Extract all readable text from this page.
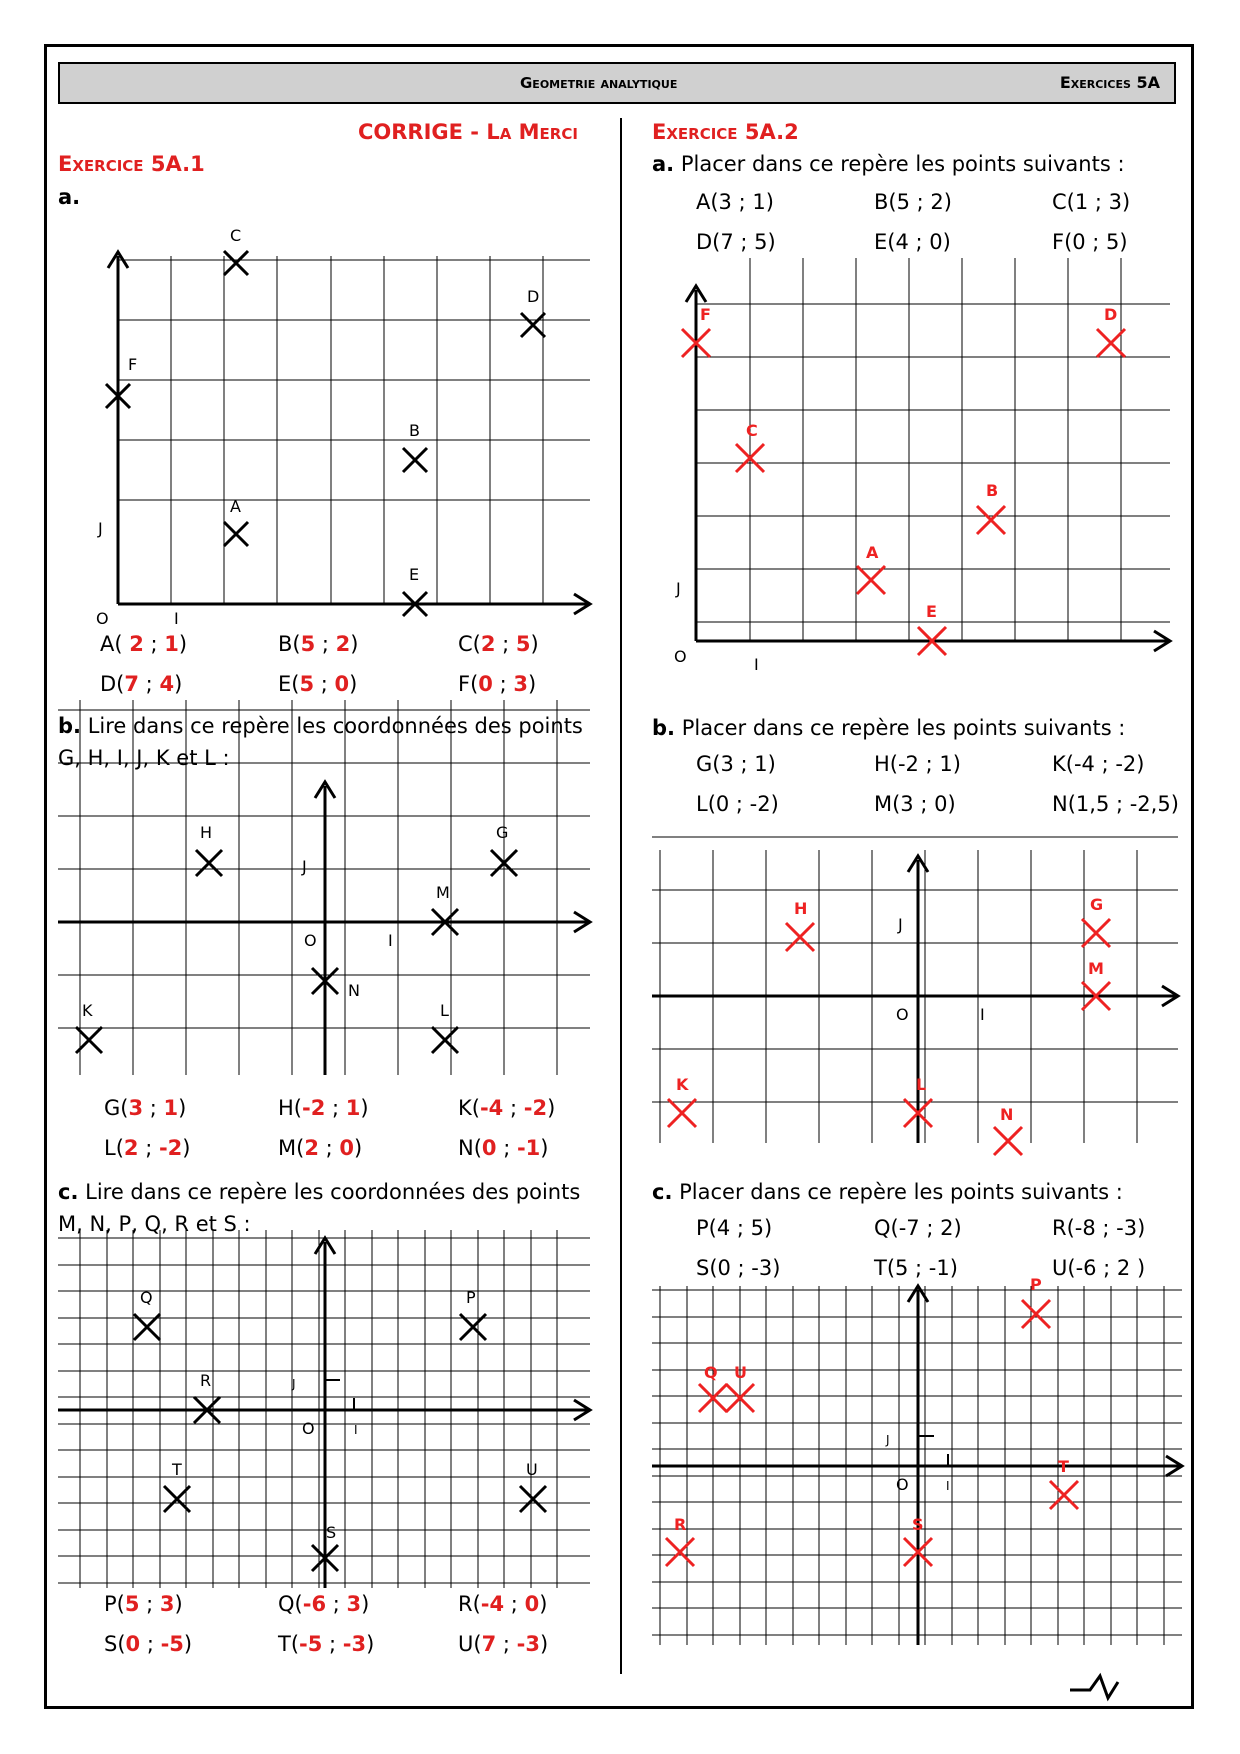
Geometrie analytique	Exercices 5A
CORRIGE - La Merci
Exercice 5A.1
a.
O	I
J
C
D
F
B
A
E
A( 2 ; 1)	B(5 ; 2)	C(2 ; 5)
D(7 ; 4)	E(5 ; 0)	F(0 ; 3)
b. Lire dans ce repère les coordonnées des points
G, H, I, J, K et L :
O	I
J
H	G
M
N
K	L
G(3 ; 1)	H(-2 ; 1)	K(-4 ; -2)
L(2 ; -2)	M(2 ; 0)	N(0 ; -1)
c. Lire dans ce repère les coordonnées des points
M, N, P, Q, R et S :
O	I
J
Q	P
R
T	U
S
P(5 ; 3)	Q(-6 ; 3)	R(-4 ; 0)
S(0 ; -5)	T(-5 ; -3)	U(7 ; -3)
Exercice 5A.2
a. Placer dans ce repère les points suivants :
A(3 ; 1)	B(5 ; 2)	C(1 ; 3)
D(7 ; 5)	E(4 ; 0)	F(0 ; 5)
O	I
J
F	D
C
B
A
E
b. Placer dans ce repère les points suivants :
G(3 ; 1)	H(-2 ; 1)	K(-4 ; -2)
L(0 ; -2)	M(3 ; 0)	N(1,5 ; -2,5)
O	I
J
H	G
M
K	L
N
c. Placer dans ce repère les points suivants :
P(4 ; 5)	Q(-7 ; 2)	R(-8 ; -3)
S(0 ; -3)	T(5 ; -1)	U(-6 ; 2 )
O	I
J
P
Q U
T
R	S
